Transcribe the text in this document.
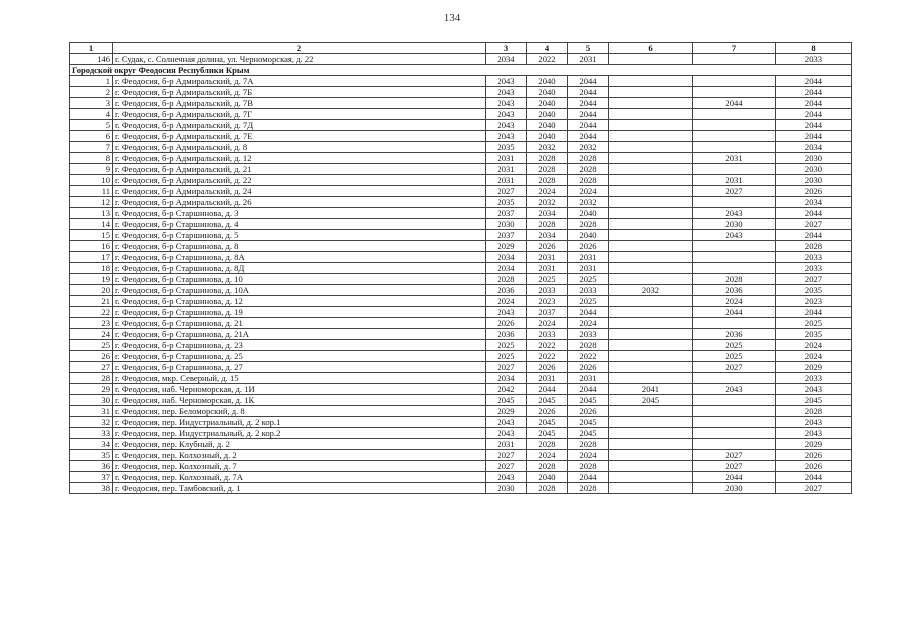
134
1	2	3	4	5	6	7	8
146	г. Судак, с. Солнечная долина, ул. Черноморская, д. 22	2034	2022	2031			2033
Городской округ Феодосия Республики Крым							
1	г. Феодосия, б-р Адмиральский, д. 7А	2043	2040	2044			2044
2	г. Феодосия, б-р Адмиральский, д. 7Б	2043	2040	2044			2044
3	г. Феодосия, б-р Адмиральский, д. 7В	2043	2040	2044		2044	2044
4	г. Феодосия, б-р Адмиральский, д. 7Г	2043	2040	2044			2044
5	г. Феодосия, б-р Адмиральский, д. 7Д	2043	2040	2044			2044
6	г. Феодосия, б-р Адмиральский, д. 7Е	2043	2040	2044			2044
7	г. Феодосия, б-р Адмиральский, д. 8	2035	2032	2032			2034
8	г. Феодосия, б-р Адмиральский, д. 12	2031	2028	2028		2031	2030
9	г. Феодосия, б-р Адмиральский, д. 21	2031	2028	2028			2030
10	г. Феодосия, б-р Адмиральский, д. 22	2031	2028	2028		2031	2030
11	г. Феодосия, б-р Адмиральский, д. 24	2027	2024	2024		2027	2026
12	г. Феодосия, б-р Адмиральский, д. 26	2035	2032	2032			2034
13	г. Феодосия, б-р Старшинова, д. 3	2037	2034	2040		2043	2044
14	г. Феодосия, б-р Старшинова, д. 4	2030	2028	2028		2030	2027
15	г. Феодосия, б-р Старшинова, д. 5	2037	2034	2040		2043	2044
16	г. Феодосия, б-р Старшинова, д. 8	2029	2026	2026			2028
17	г. Феодосия, б-р Старшинова, д. 8А	2034	2031	2031			2033
18	г. Феодосия, б-р Старшинова, д. 8Д	2034	2031	2031			2033
19	г. Феодосия, б-р Старшинова, д. 10	2028	2025	2025		2028	2027
20	г. Феодосия, б-р Старшинова, д. 10А	2036	2033	2033	2032	2036	2035
21	г. Феодосия, б-р Старшинова, д. 12	2024	2023	2025		2024	2023
22	г. Феодосия, б-р Старшинова, д. 19	2043	2037	2044		2044	2044
23	г. Феодосия, б-р Старшинова, д. 21	2026	2024	2024			2025
24	г. Феодосия, б-р Старшинова, д. 21А	2036	2033	2033		2036	2035
25	г. Феодосия, б-р Старшинова, д. 23	2025	2022	2028		2025	2024
26	г. Феодосия, б-р Старшинова, д. 25	2025	2022	2022		2025	2024
27	г. Феодосия, б-р Старшинова, д. 27	2027	2026	2026		2027	2029
28	г. Феодосия, мкр. Северный, д. 15	2034	2031	2031			2033
29	г. Феодосия, наб. Черноморская, д. 1И	2042	2044	2044	2041	2043	2043
30	г. Феодосия, наб. Черноморская, д. 1К	2045	2045	2045	2045		2045
31	г. Феодосия, пер. Беломорский, д. 8	2029	2026	2026			2028
32	г. Феодосия, пер. Индустриальный, д. 2 кор.1	2043	2045	2045			2043
33	г. Феодосия, пер. Индустриальный, д. 2 кор.2	2043	2045	2045			2043
34	г. Феодосия, пер. Клубный, д. 2	2031	2028	2028			2029
35	г. Феодосия, пер. Колхозный, д. 2	2027	2024	2024		2027	2026
36	г. Феодосия, пер. Колхозный, д. 7	2027	2028	2028		2027	2026
37	г. Феодосия, пер. Колхозный, д. 7А	2043	2040	2044		2044	2044
38	г. Феодосия, пер. Тамбовский, д. 1	2030	2028	2028		2030	2027
